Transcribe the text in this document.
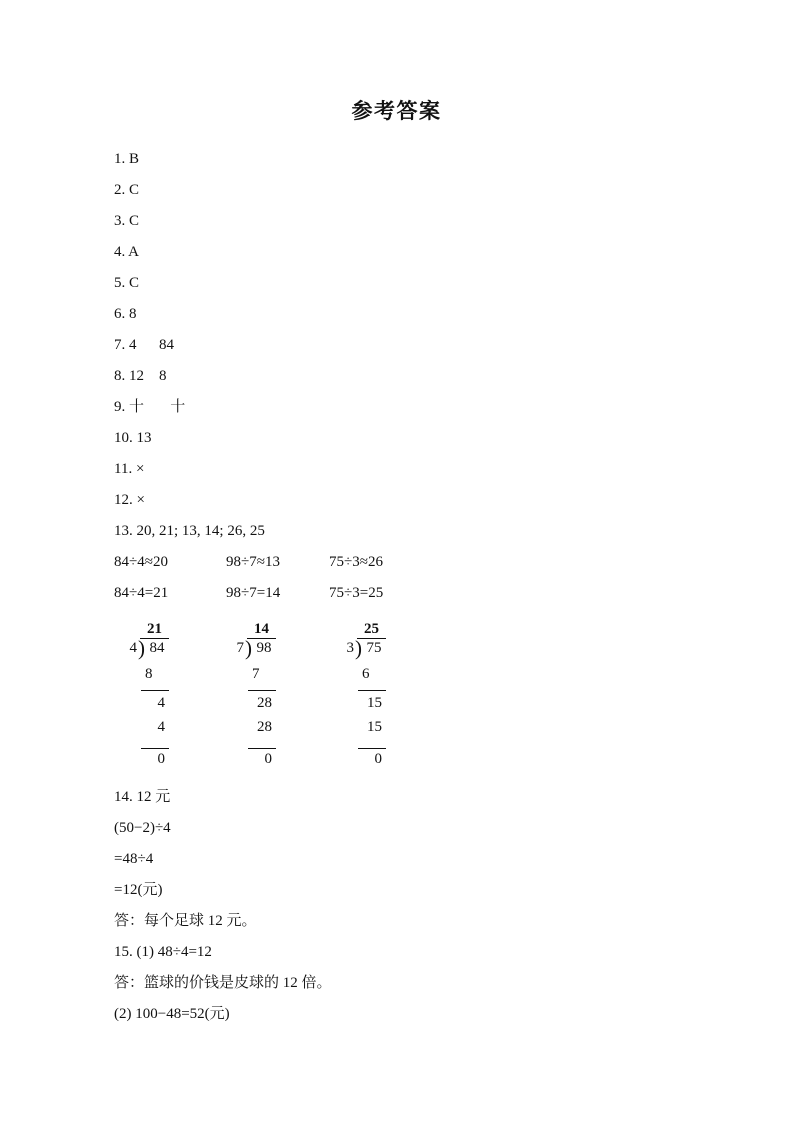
参考答案
1. B
2. C
3. C
4. A
5. C
6. 8
7. 4      84
8. 12    8
9. 十       十
10. 13
11. ×
12. ×
13. 20, 21; 13, 14; 26, 25
84÷4≈20	98÷7≈13	75÷3≈26
84÷4=21	98÷7=14	75÷3=25
21
4 ) 84
8
4
4
0

14
7 ) 98
7
28
28
0

25
3 ) 75
6
15
15
0
14. 12 元
(50−2)÷4
=48÷4
=12(元)
答：每个足球 12 元。
15. (1) 48÷4=12
答：篮球的价钱是皮球的 12 倍。
(2) 100−48=52(元)
